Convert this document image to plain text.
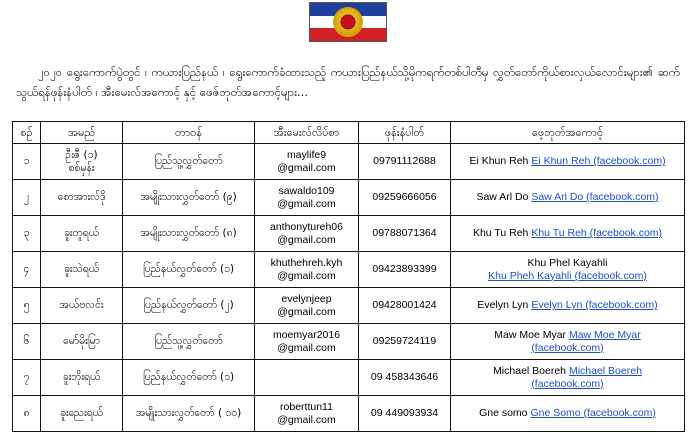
၂၀၂၀ ရွေးကောက်ပွဲတွင် ၊ ကယားပြည်နယ် ၊ ရွေးကောက်ခံထားသည့် ကယားပြည်နယ်သို့မိုကရက်တစ်ပါတီမှ လွှတ်တော်ကိုယ်စားလှယ်လောင်းများ၏ ဆက်သွယ်ရန်ဖုန်းနံပါတ် ၊ အီးမေးလ်အကောင့် နှင့် ဖေဇ်ဘုတ်အကောင့်များ...

စဉ်	အမည်	တာဝန်	အီးမေးလ်လိပ်စာ	ဖုန်းနံပါတ်	ဖေ့ဘုတ်အကောင့်
၁	ဦးဇီ (၁)
စစ်မှန်း	ပြည်သူ့လွှတ်တော်	maylife9
@gmail.com	09791112688	Ei Khun Reh Ei Khun Reh (facebook.com)
၂	စောအားလ်ဒို	အမျိုးသားလွှတ်တော် (၉)	sawaldo109
@gmail.com	09259666056	Saw Arl Do Saw Arl Do (facebook.com)
၃	ခူးတူရယ်	အမျိုးသားလွှတ်တော် (၈)	anthonytureh06
@gmail.com	09788071364	Khu Tu Reh Khu Tu Reh (facebook.com)
၄	ခူးသဲရယ်	ပြည်နယ်လွှတ်တော် (၁)	khuthehreh.kyh
@gmail.com	09423893399	Khu Phel Kayahli
Khu Pheh Kayahli (facebook.com)

၅	အယ်ဗလင်း	ပြည်နယ်လွှတ်တော် (၂)	evelynjeep
@gmail.com	09428001424	Evelyn Lyn Evelyn Lyn (facebook.com)
၆	မော်မိုးမြာ	ပြည်သူ့လွှတ်တော်	moemyar2016
@gmail.com	09259724119	Maw Moe Myar Maw Moe Myar
(facebook.com)
၇	ခူးဘိုးရယ်	ပြည်နယ်လွှတ်တော် (၁)		09 458343646	Michael Boereh Michael Boereh
(facebook.com)
၈	ခူးညေးရယ်	အမျိုးသားလွှတ်တော် ( ၁၀)	roberttun11
@gmail.com	09 449093934	Gne somo Gne Somo (facebook.com)
